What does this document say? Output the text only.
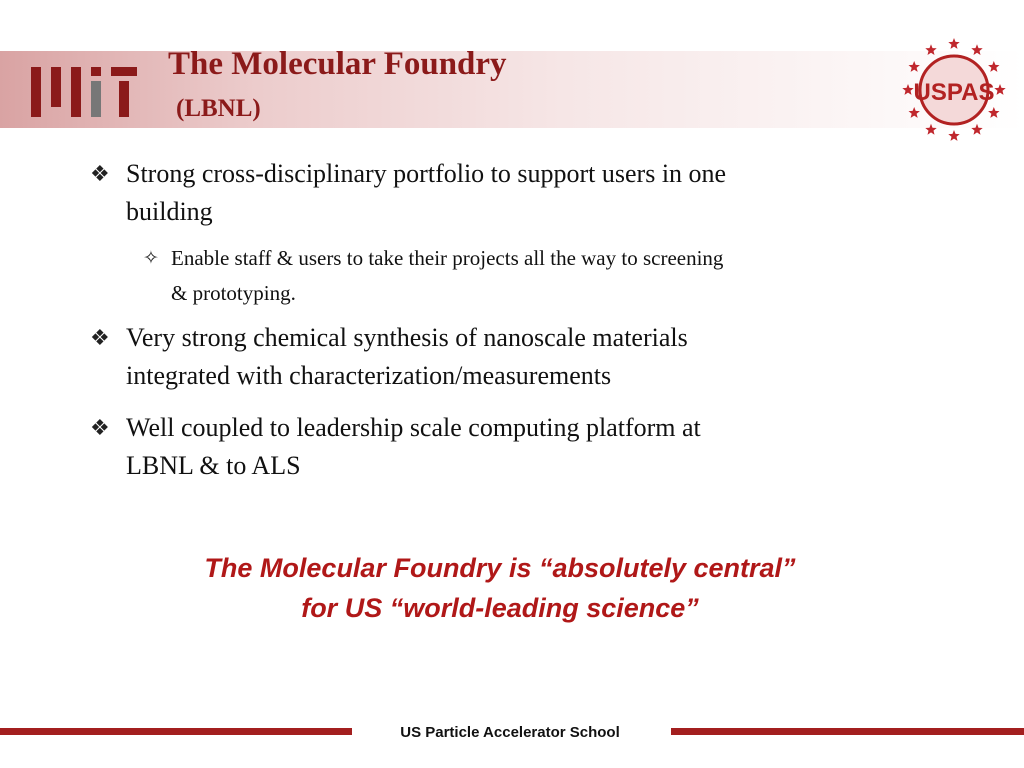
The Molecular Foundry
(LBNL)
USPAS
❖ Strong cross-disciplinary portfolio to support users in one
building
✧ Enable staff & users to take their projects all the way to screening
& prototyping.
❖ Very strong chemical synthesis of nanoscale materials
integrated with characterization/measurements
❖ Well coupled to leadership scale computing platform at
LBNL & to ALS
The Molecular Foundry is “absolutely central”
for US “world-leading science”
US Particle Accelerator School
